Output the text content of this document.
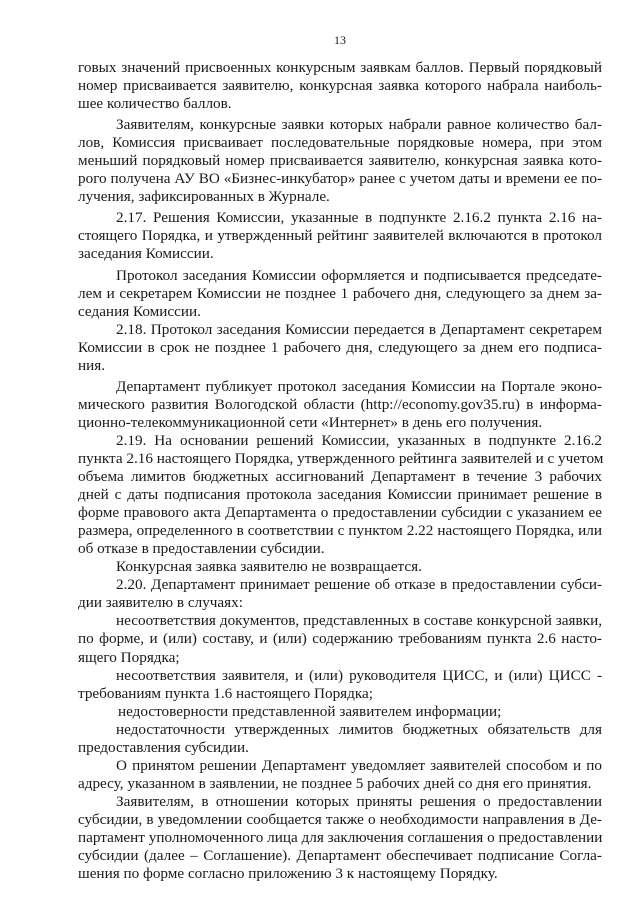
13
говых значений присвоенных конкурсным заявкам баллов. Первый порядковый
номер присваивается заявителю, конкурсная заявка которого набрала наиболь-
шее количество баллов.
Заявителям, конкурсные заявки которых набрали равное количество бал-
лов, Комиссия присваивает последовательные порядковые номера, при этом
меньший порядковый номер присваивается заявителю, конкурсная заявка кото-
рого получена АУ ВО «Бизнес-инкубатор» ранее с учетом даты и времени ее по-
лучения, зафиксированных в Журнале.
2.17. Решения Комиссии, указанные в подпункте 2.16.2 пункта 2.16 на-
стоящего Порядка, и утвержденный рейтинг заявителей включаются в протокол
заседания Комиссии.
Протокол заседания Комиссии оформляется и подписывается председате-
лем и секретарем Комиссии не позднее 1 рабочего дня, следующего за днем за-
седания Комиссии.
2.18. Протокол заседания Комиссии передается в Департамент секретарем
Комиссии в срок не позднее 1 рабочего дня, следующего за днем его подписа-
ния.
Департамент публикует протокол заседания Комиссии на Портале эконо-
мического развития Вологодской области (http://economy.gov35.ru) в информа-
ционно-телекоммуникационной сети «Интернет» в день его получения.
2.19. На основании решений Комиссии, указанных в подпункте 2.16.2
пункта 2.16 настоящего Порядка, утвержденного рейтинга заявителей и с учетом
объема лимитов бюджетных ассигнований Департамент в течение 3 рабочих
дней с даты подписания протокола заседания Комиссии принимает решение в
форме правового акта Департамента о предоставлении субсидии с указанием ее
размера, определенного в соответствии с пунктом 2.22 настоящего Порядка, или
об отказе в предоставлении субсидии.
Конкурсная заявка заявителю не возвращается.
2.20. Департамент принимает решение об отказе в предоставлении субси-
дии заявителю в случаях:
несоответствия документов, представленных в составе конкурсной заявки,
по форме, и (или) составу, и (или) содержанию требованиям пункта 2.6 насто-
ящего Порядка;
несоответствия заявителя, и (или) руководителя ЦИСС, и (или) ЦИСС -
требованиям пункта 1.6 настоящего Порядка;
недостоверности представленной заявителем информации;
недостаточности утвержденных лимитов бюджетных обязательств для
предоставления субсидии.
О принятом решении Департамент уведомляет заявителей способом и по
адресу, указанном в заявлении, не позднее 5 рабочих дней со дня его принятия.
Заявителям, в отношении которых приняты решения о предоставлении
субсидии, в уведомлении сообщается также о необходимости направления в Де-
партамент уполномоченного лица для заключения соглашения о предоставлении
субсидии (далее – Соглашение). Департамент обеспечивает подписание Согла-
шения по форме согласно приложению 3 к настоящему Порядку.
